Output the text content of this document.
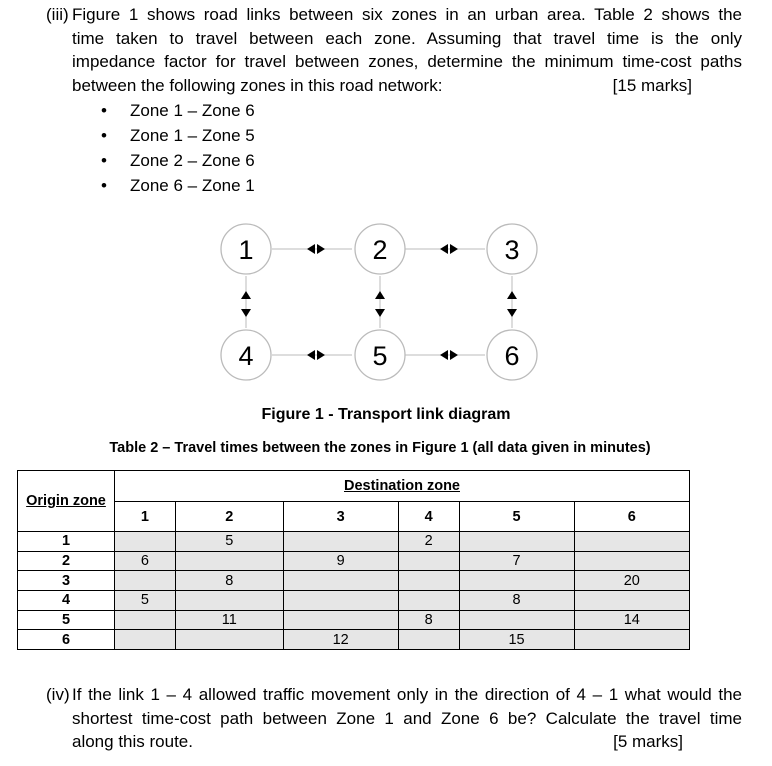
(iii) Figure 1 shows road links between six zones in an urban area. Table 2 shows the
time taken to travel between each zone. Assuming that travel time is the only
impedance factor for travel between zones, determine the minimum time-cost paths
between the following zones in this road network:	[15 marks]
• Zone 1 – Zone 6
• Zone 1 – Zone 5
• Zone 2 – Zone 6
• Zone 6 – Zone 1
1	2	3
4	5	6
Figure 1 - Transport link diagram
Table 2 – Travel times between the zones in Figure 1 (all data given in minutes)
Origin zone	Destination zone					
	1	2	3	4	5	6
1		5		2		
2	6		9		7	
3		8				20
4	5				8	
5		11		8		14
6			12		15	
(iv) If the link 1 – 4 allowed traffic movement only in the direction of 4 – 1 what would the
shortest time-cost path between Zone 1 and Zone 6 be? Calculate the travel time
along this route.	[5 marks]
